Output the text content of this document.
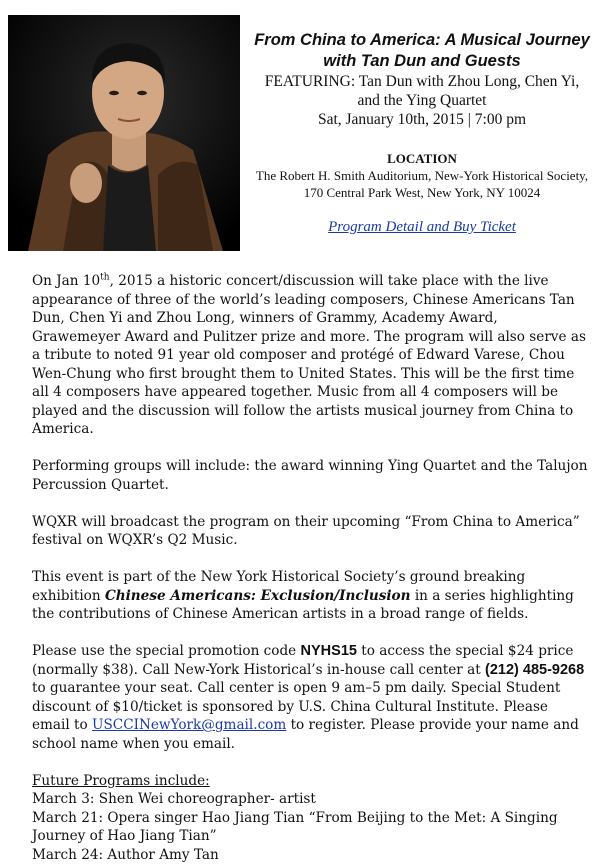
From China to America: A Musical Journey with Tan Dun and Guests

FEATURING: Tan Dun with Zhou Long, Chen Yi, and the Ying Quartet

Sat, January 10th, 2015 | 7:00 pm

LOCATION
The Robert H. Smith Auditorium, New-York Historical Society,
170 Central Park West, New York, NY 10024
Program Detail and Buy Ticket

On Jan 10th, 2015 a historic concert/discussion will take place with the live appearance of three of the world’s leading composers, Chinese Americans Tan Dun, Chen Yi and Zhou Long, winners of Grammy, Academy Award, Grawemeyer Award and Pulitzer prize and more. The program will also serve as a tribute to noted 91 year old composer and protégé of Edward Varese, Chou Wen-Chung who first brought them to United States. This will be the first time all 4 composers have appeared together. Music from all 4 composers will be played and the discussion will follow the artists musical journey from China to America.

Performing groups will include: the award winning Ying Quartet and the Talujon Percussion Quartet.

WQXR will broadcast the program on their upcoming “From China to America” festival on WQXR’s Q2 Music.

This event is part of the New York Historical Society’s ground breaking exhibition Chinese Americans: Exclusion/Inclusion in a series highlighting the contributions of Chinese American artists in a broad range of fields.

Please use the special promotion code NYHS15 to access the special $24 price (normally $38). Call New-York Historical’s in-house call center at (212) 485-9268 to guarantee your seat. Call center is open 9 am–5 pm daily. Special Student discount of $10/ticket is sponsored by U.S. China Cultural Institute. Please email to USCCINewYork@gmail.com to register. Please provide your name and school name when you email.

Future Programs include:
March 3: Shen Wei choreographer- artist
March 21: Opera singer Hao Jiang Tian “From Beijing to the Met: A Singing Journey of Hao Jiang Tian”
March 24: Author Amy Tan
